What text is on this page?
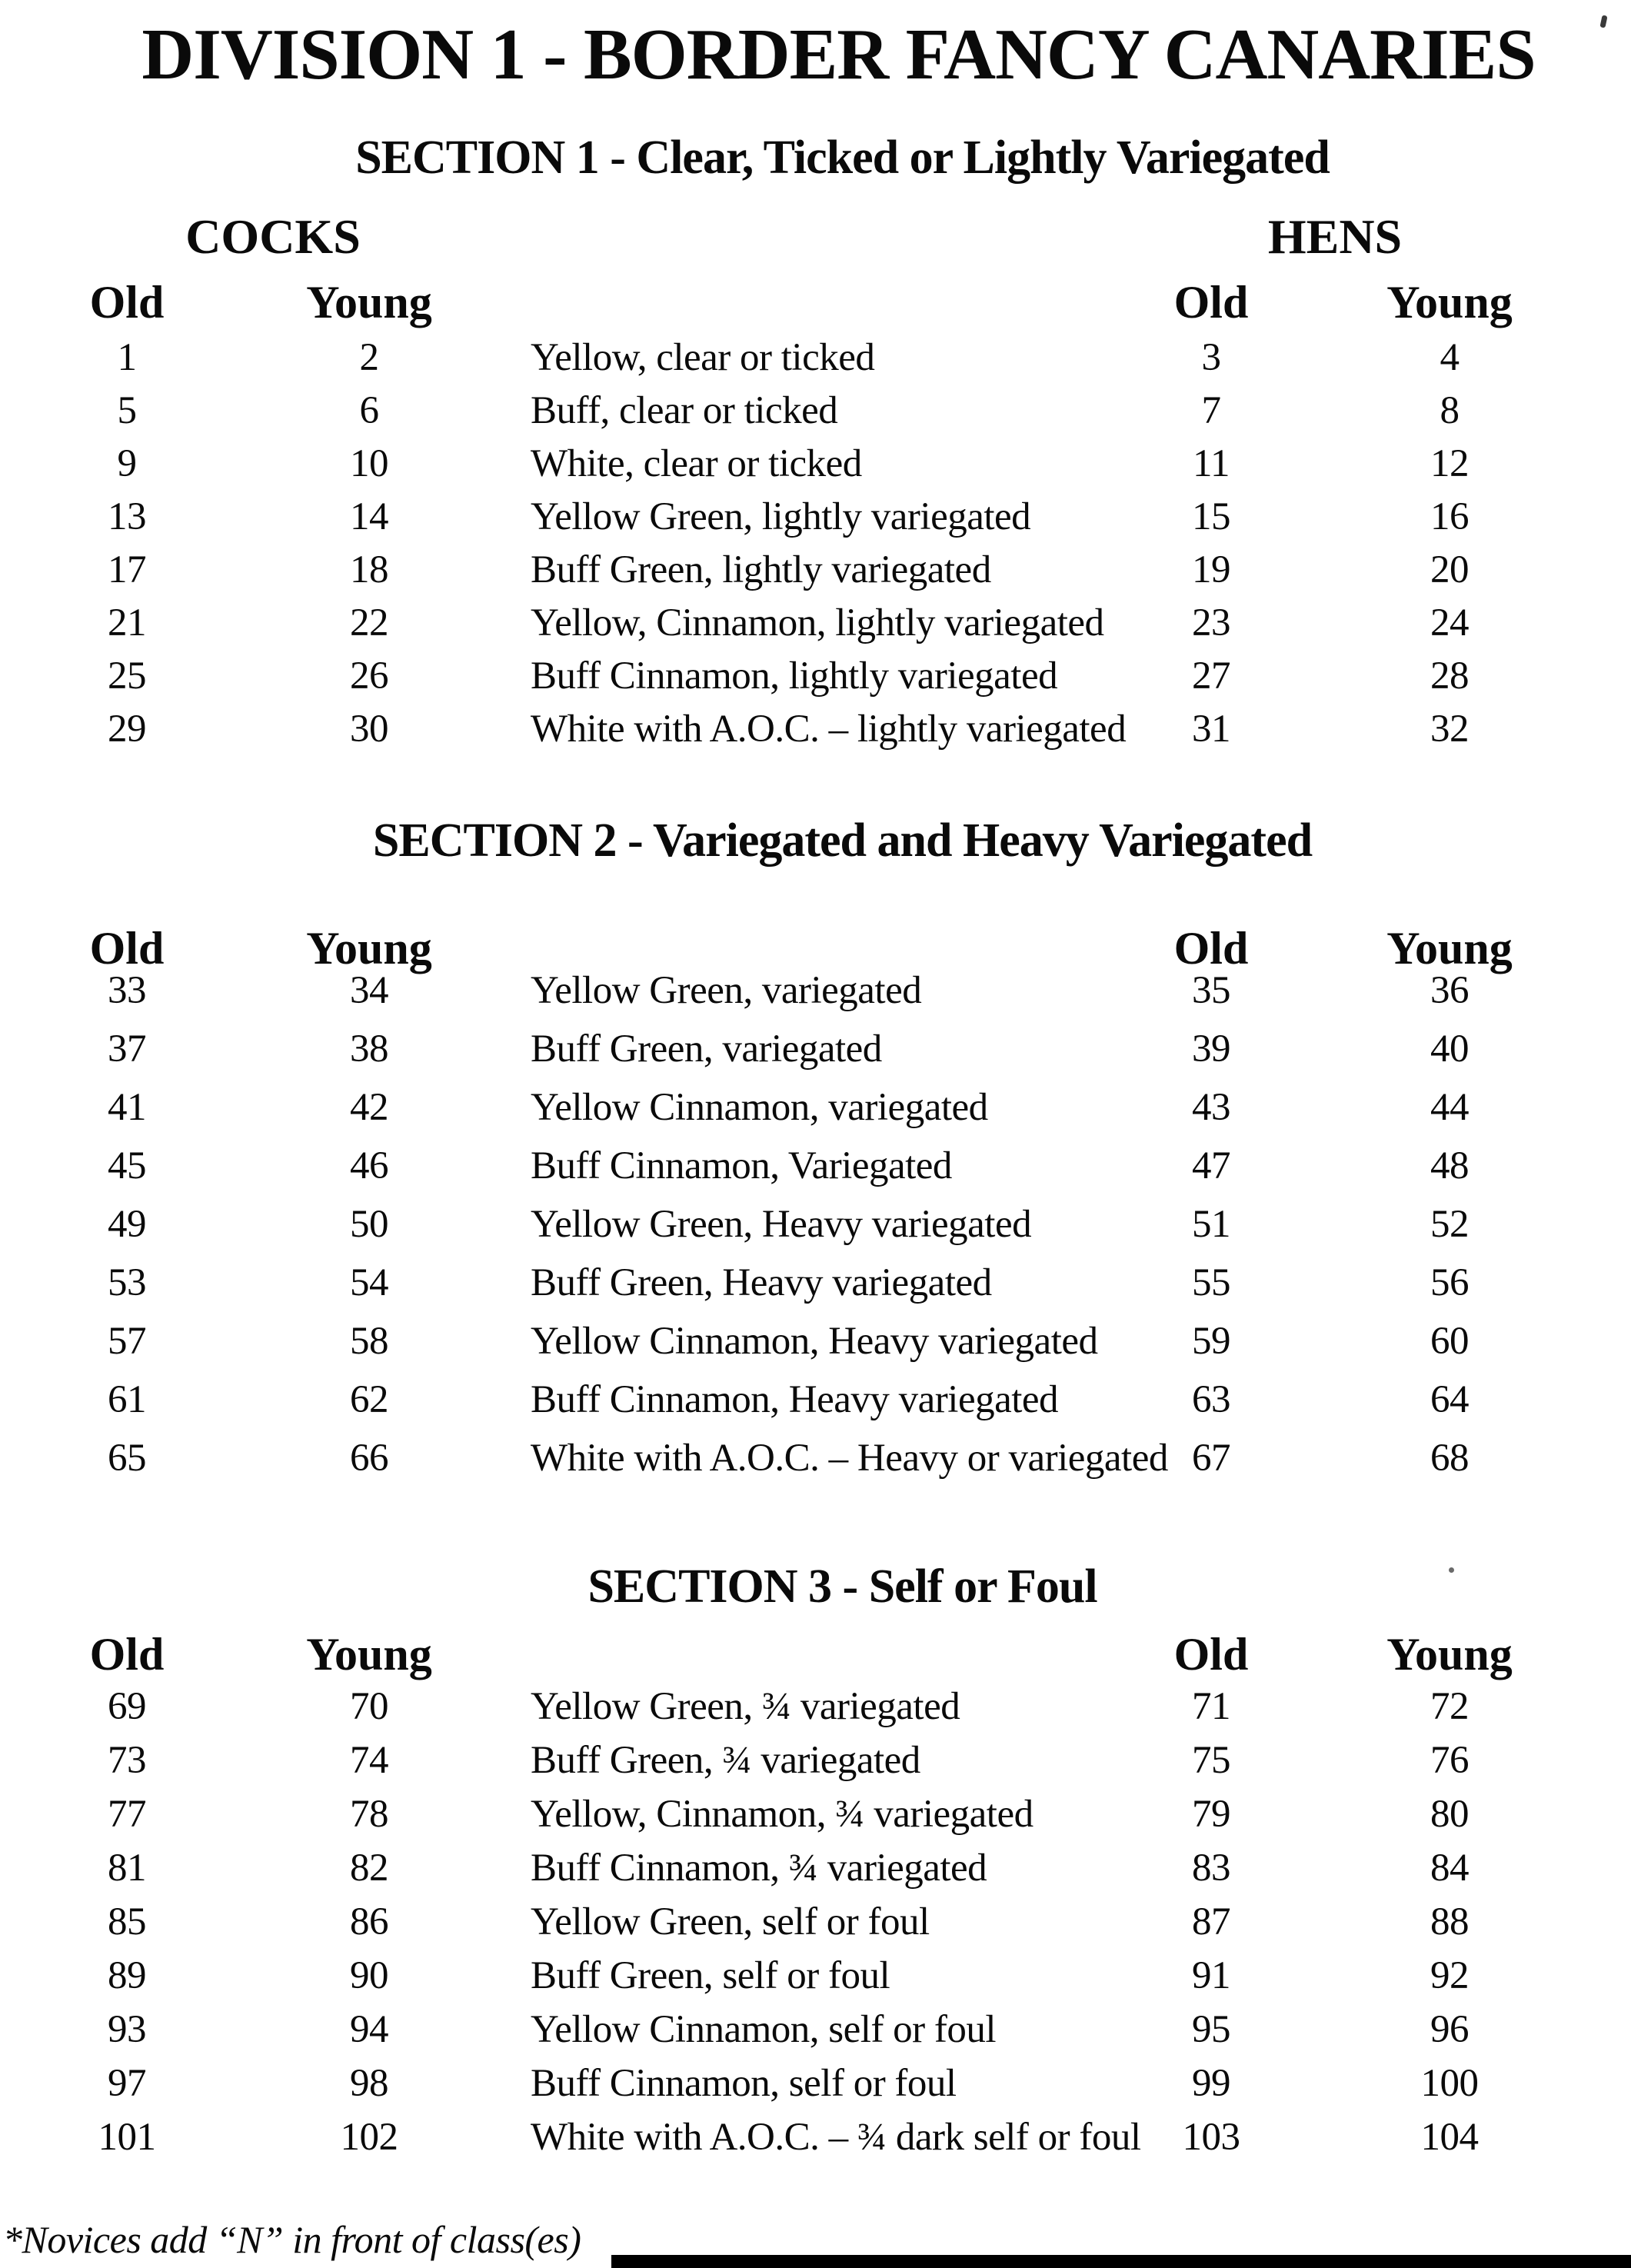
DIVISION 1 - BORDER FANCY CANARIES
SECTION 1 - Clear, Ticked or Lightly Variegated
COCKS	HENS
Old	Young	Old	Young
1	2	Yellow, clear or ticked	3	4
5	6	Buff, clear or ticked	7	8
9	10	White, clear or ticked	11	12
13	14	Yellow Green, lightly variegated	15	16
17	18	Buff Green, lightly variegated	19	20
21	22	Yellow, Cinnamon, lightly variegated	23	24
25	26	Buff Cinnamon, lightly variegated	27	28
29	30	White with A.O.C. – lightly variegated	31	32
SECTION 2 - Variegated and Heavy Variegated
Old	Young	Old	Young
33	34	Yellow Green, variegated	35	36
37	38	Buff Green, variegated	39	40
41	42	Yellow Cinnamon, variegated	43	44
45	46	Buff Cinnamon, Variegated	47	48
49	50	Yellow Green, Heavy variegated	51	52
53	54	Buff Green, Heavy variegated	55	56
57	58	Yellow Cinnamon, Heavy variegated	59	60
61	62	Buff Cinnamon, Heavy variegated	63	64
65	66	White with A.O.C. – Heavy or variegated 67	68
SECTION 3 - Self or Foul
Old	Young	Old	Young
69	70	Yellow Green, ¾ variegated	71	72
73	74	Buff Green, ¾ variegated	75	76
77	78	Yellow, Cinnamon, ¾ variegated	79	80
81	82	Buff Cinnamon, ¾ variegated	83	84
85	86	Yellow Green, self or foul	87	88
89	90	Buff Green, self or foul	91	92
93	94	Yellow Cinnamon, self or foul	95	96
97	98	Buff Cinnamon, self or foul	99	100
101	102	White with A.O.C. – ¾ dark self or foul	103	104
*Novices add “N” in front of class(es)
